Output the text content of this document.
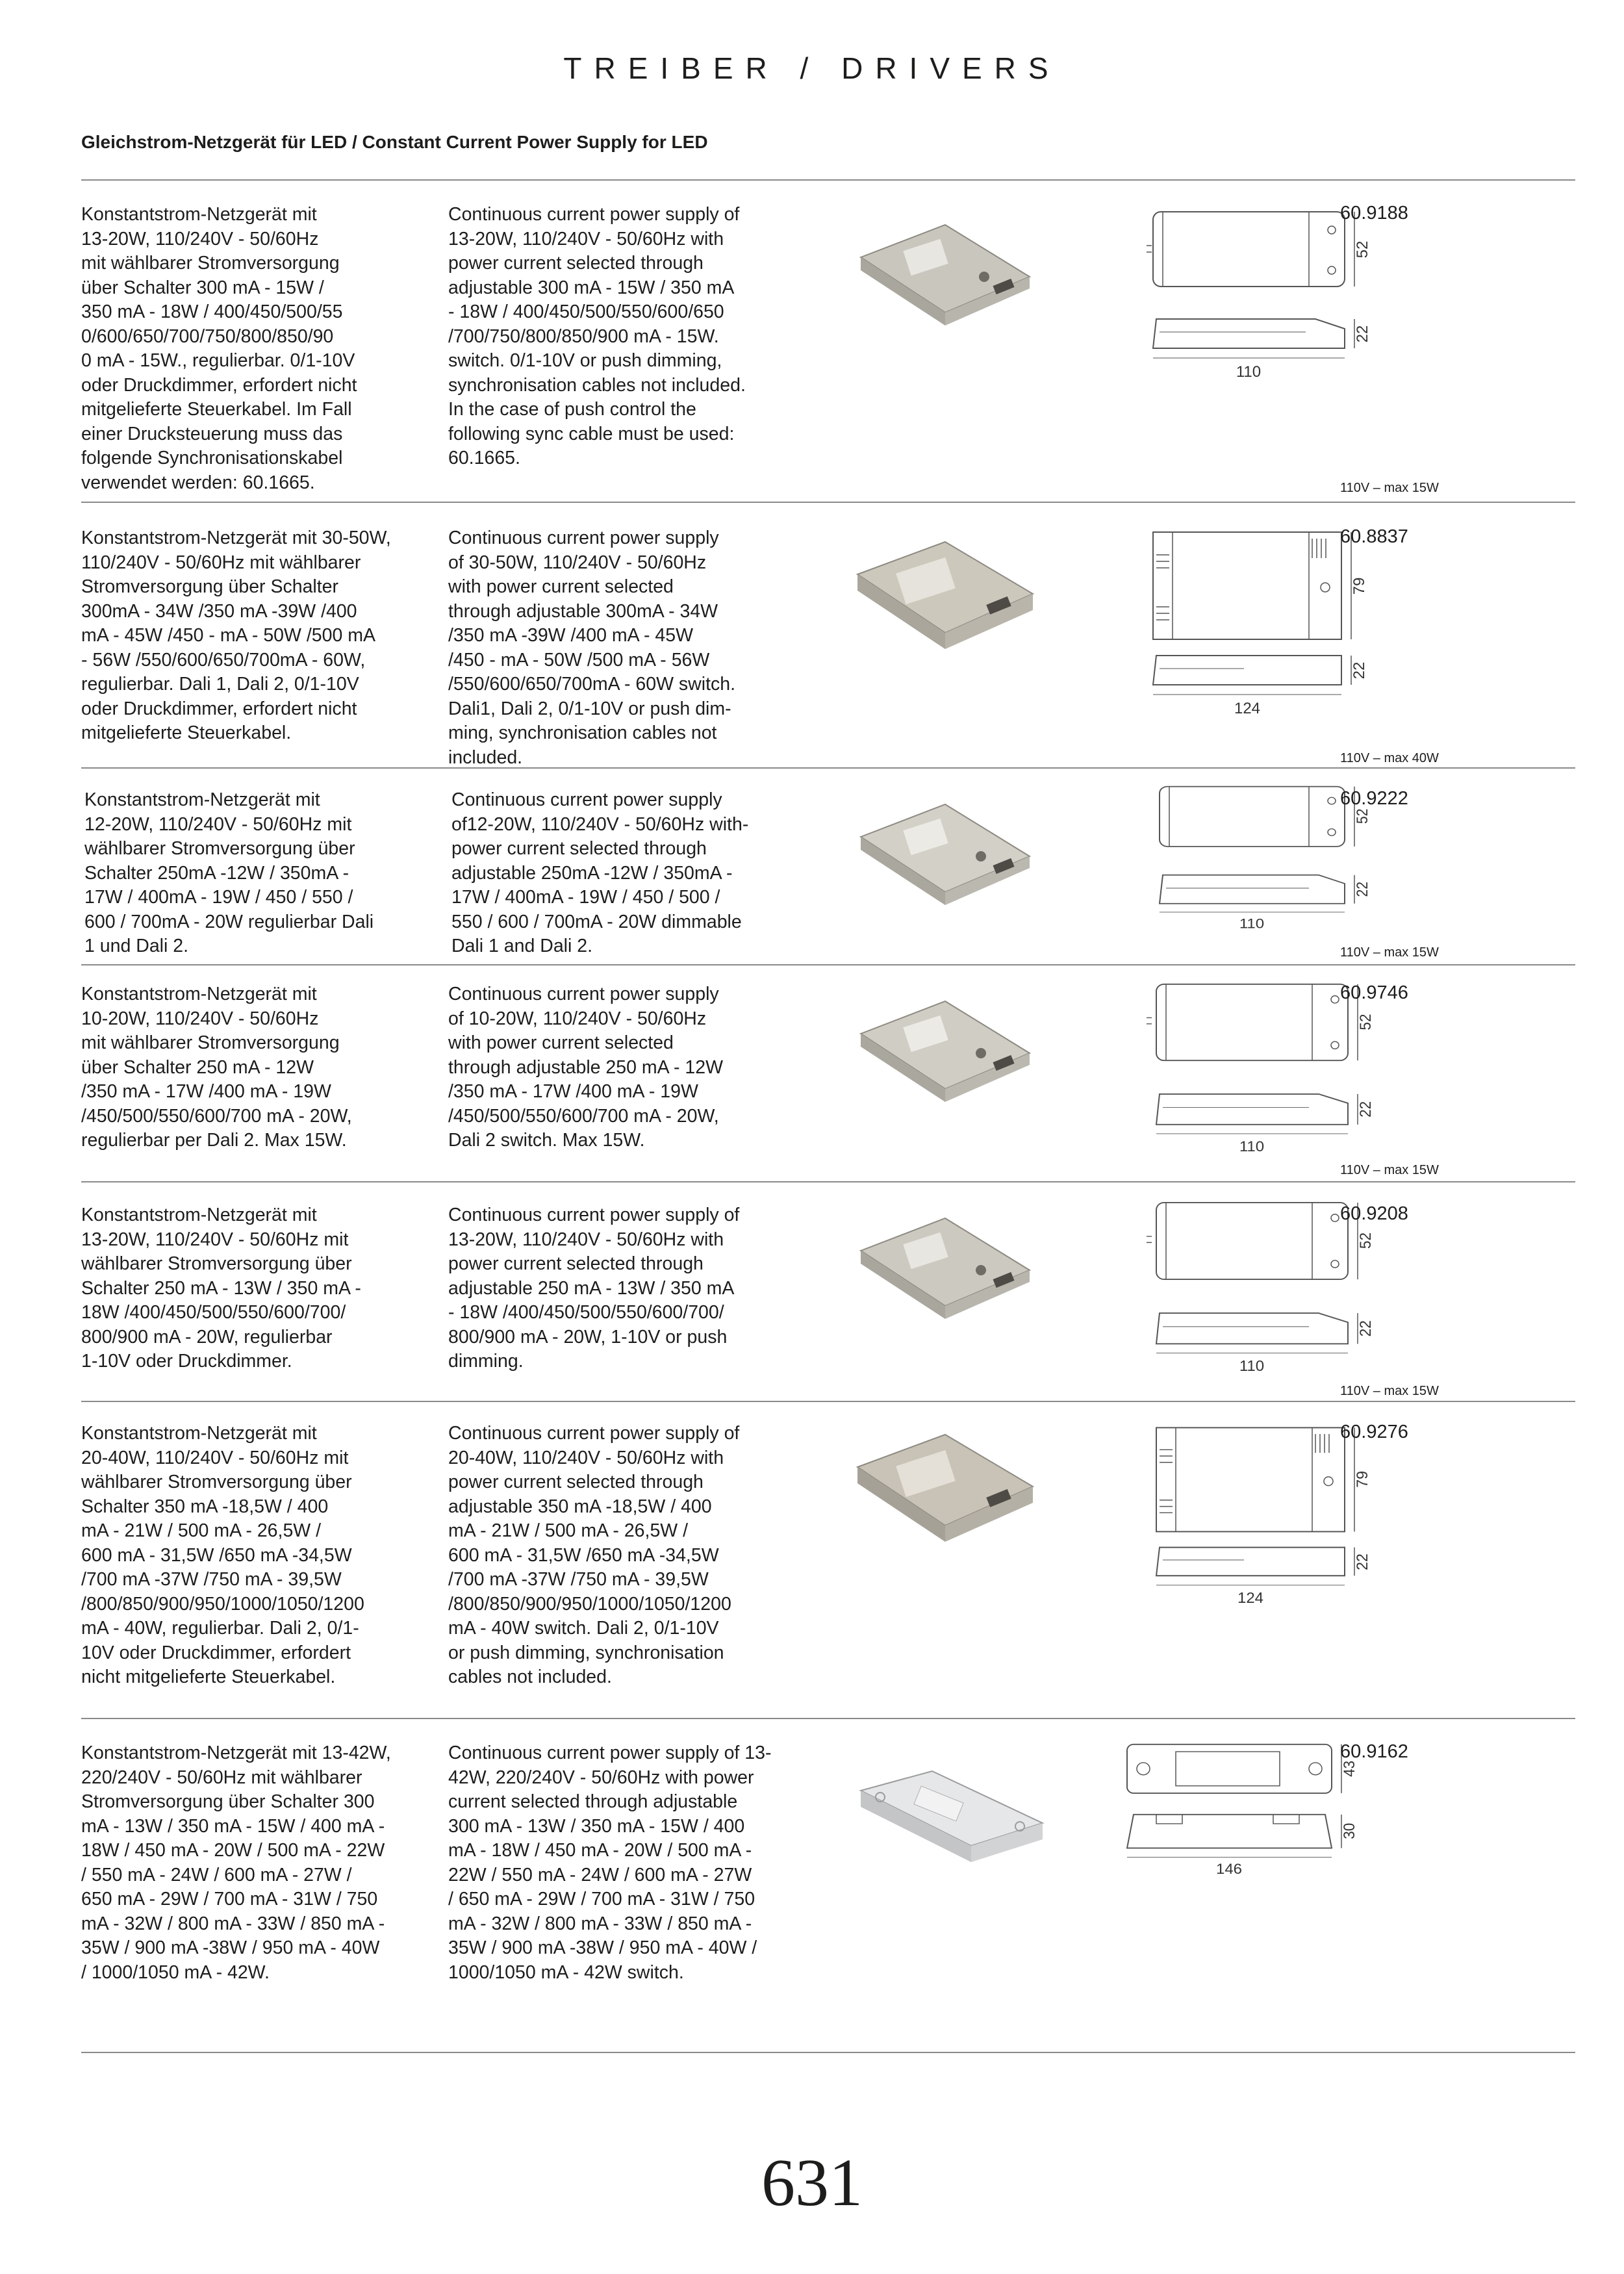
TREIBER / DRIVERS
Gleichstrom-Netzgerät für LED / Constant Current Power Supply for LED
Konstantstrom-Netzgerät mit
13-20W, 110/240V - 50/60Hz
mit wählbarer Stromversorgung
über Schalter 300 mA - 15W /
350 mA - 18W / 400/450/500/55
0/600/650/700/750/800/850/90
0 mA - 15W., regulierbar. 0/1-10V
oder Druckdimmer, erfordert nicht
mitgelieferte Steuerkabel. Im Fall
einer Drucksteuerung muss das
folgende Synchronisationskabel
verwendet werden: 60.1665.
Continuous current power supply of
13-20W, 110/240V - 50/60Hz with
power current selected through
adjustable 300 mA - 15W / 350 mA
- 18W / 400/450/500/550/600/650
/700/750/800/850/900 mA - 15W.
switch. 0/1-10V or push dimming,
synchronisation cables not included.
In the case of push control the
following sync cable must be used:
60.1665.
52
22
110
60.9188
110V – max 15W
Konstantstrom-Netzgerät mit 30-50W,
110/240V - 50/60Hz mit wählbarer
Stromversorgung über Schalter
300mA - 34W /350 mA -39W /400
mA - 45W /450 - mA - 50W /500 mA
- 56W /550/600/650/700mA - 60W,
regulierbar. Dali 1, Dali 2, 0/1-10V
oder Druckdimmer, erfordert nicht
mitgelieferte Steuerkabel.
Continuous current power supply
of 30-50W, 110/240V - 50/60Hz
with power current selected
through adjustable 300mA - 34W
/350 mA -39W /400 mA - 45W
/450 - mA - 50W /500 mA - 56W
/550/600/650/700mA - 60W switch.
Dali1, Dali 2, 0/1-10V or push dim-
ming, synchronisation cables not
included.
79
22
124
60.8837
110V – max 40W
Konstantstrom-Netzgerät mit
12-20W, 110/240V - 50/60Hz mit
wählbarer Stromversorgung über
Schalter 250mA -12W / 350mA -
17W / 400mA - 19W / 450 / 550 /
600 / 700mA - 20W regulierbar Dali
1 und Dali 2.
Continuous current power supply
of12-20W, 110/240V - 50/60Hz with-
power current selected through
adjustable 250mA -12W / 350mA -
17W / 400mA - 19W / 450 / 500 /
550 / 600 / 700mA - 20W dimmable
Dali 1 and Dali 2.
52
22
110
60.9222
110V – max 15W
Konstantstrom-Netzgerät mit
10-20W, 110/240V - 50/60Hz
mit wählbarer Stromversorgung
über Schalter 250 mA - 12W
/350 mA - 17W /400 mA - 19W
/450/500/550/600/700 mA - 20W,
regulierbar per Dali 2. Max 15W.
Continuous current power supply
of 10-20W, 110/240V - 50/60Hz
with power current selected
through adjustable 250 mA - 12W
/350 mA - 17W /400 mA - 19W
/450/500/550/600/700 mA - 20W,
Dali 2 switch. Max 15W.
52
22
110
60.9746
110V – max 15W
Konstantstrom-Netzgerät mit
13-20W, 110/240V - 50/60Hz mit
wählbarer Stromversorgung über
Schalter 250 mA - 13W / 350 mA -
18W /400/450/500/550/600/700/
800/900 mA - 20W, regulierbar
1-10V oder Druckdimmer.
Continuous current power supply of
13-20W, 110/240V - 50/60Hz with
power current selected through
adjustable 250 mA - 13W / 350 mA
- 18W /400/450/500/550/600/700/
800/900 mA - 20W, 1-10V or push
dimming.
52
22
110
60.9208
110V – max 15W
Konstantstrom-Netzgerät mit
20-40W, 110/240V - 50/60Hz mit
wählbarer Stromversorgung über
Schalter 350 mA -18,5W / 400
mA - 21W / 500 mA - 26,5W /
600 mA - 31,5W /650 mA -34,5W
/700 mA -37W /750 mA - 39,5W
/800/850/900/950/1000/1050/1200
mA - 40W, regulierbar. Dali 2, 0/1-
10V oder Druckdimmer, erfordert
nicht mitgelieferte Steuerkabel.
Continuous current power supply of
20-40W, 110/240V - 50/60Hz with
power current selected through
adjustable 350 mA -18,5W / 400
mA - 21W / 500 mA - 26,5W /
600 mA - 31,5W /650 mA -34,5W
/700 mA -37W /750 mA - 39,5W
/800/850/900/950/1000/1050/1200
mA - 40W switch. Dali 2, 0/1-10V
or push dimming, synchronisation
cables not included.
79
22
124
60.9276
Konstantstrom-Netzgerät mit 13-42W,
220/240V - 50/60Hz mit wählbarer
Stromversorgung über Schalter 300
mA - 13W / 350 mA - 15W / 400 mA -
18W / 450 mA - 20W / 500 mA - 22W
/ 550 mA - 24W / 600 mA - 27W /
650 mA - 29W / 700 mA - 31W / 750
mA - 32W / 800 mA - 33W / 850 mA -
35W / 900 mA -38W / 950 mA - 40W
/ 1000/1050 mA - 42W.
Continuous current power supply of 13-
42W, 220/240V - 50/60Hz with power
current selected through adjustable
300 mA - 13W / 350 mA - 15W / 400
mA - 18W / 450 mA - 20W / 500 mA -
22W / 550 mA - 24W / 600 mA - 27W
/ 650 mA - 29W / 700 mA - 31W / 750
mA - 32W / 800 mA - 33W / 850 mA -
35W / 900 mA -38W / 950 mA - 40W /
1000/1050 mA - 42W switch.
43
30
146
60.9162
631
